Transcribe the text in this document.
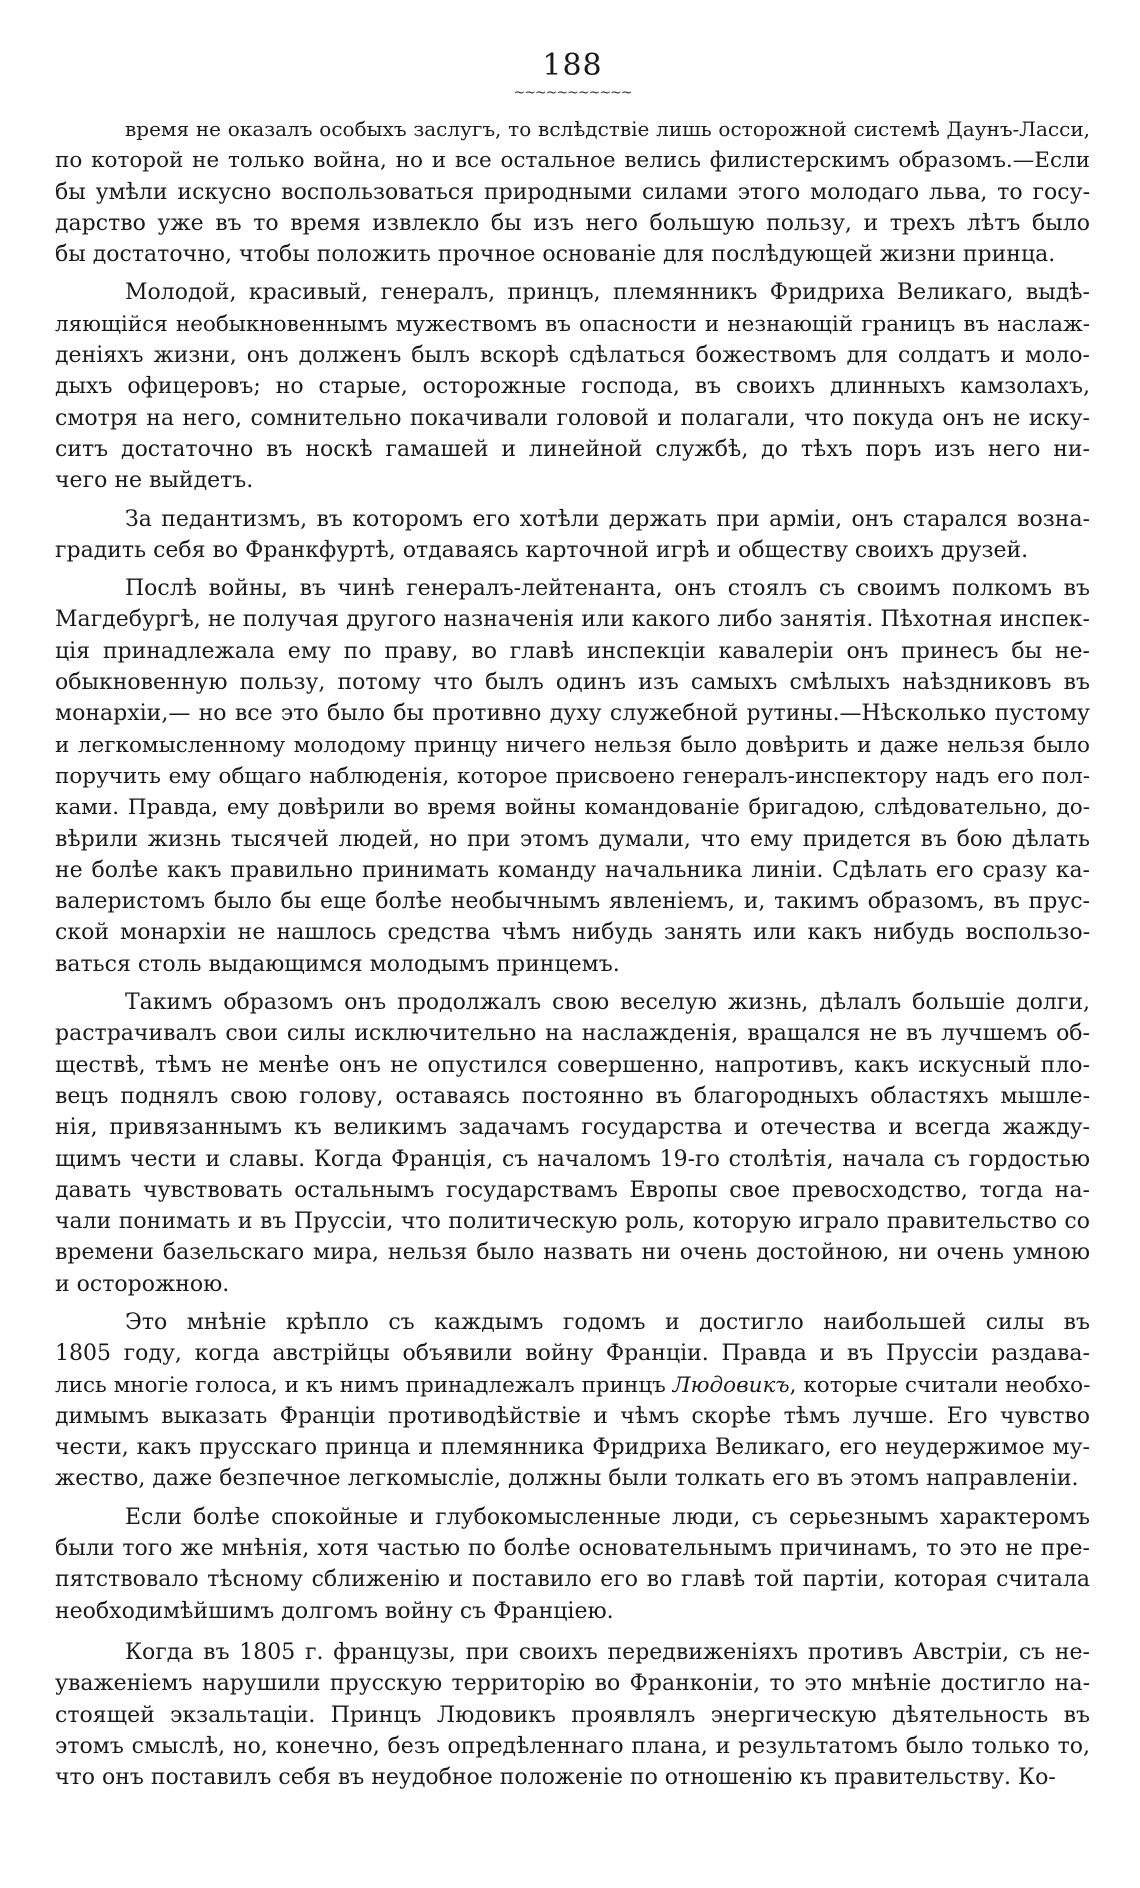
188
~~~~~~~~~~~
время не оказалъ особыхъ заслугъ, то вслѣдствіе лишь осторожной системѣ Даунъ-Ласси,
по которой не только война, но и все остальное велись филистерскимъ образомъ.—Если
бы умѣли искусно воспользоваться природными силами этого молодаго льва, то госу-
дарство уже въ то время извлекло бы изъ него большую пользу, и трехъ лѣтъ было
бы достаточно, чтобы положить прочное основаніе для послѣдующей жизни принца.
Молодой, красивый, генералъ, принцъ, племянникъ Фридриха Великаго, выдѣ-
ляющійся необыкновеннымъ мужествомъ въ опасности и незнающій границъ въ наслаж-
деніяхъ жизни, онъ долженъ былъ вскорѣ сдѣлаться божествомъ для солдатъ и моло-
дыхъ офицеровъ; но старые, осторожные господа, въ своихъ длинныхъ камзолахъ,
смотря на него, сомнительно покачивали головой и полагали, что покуда онъ не иску-
ситъ достаточно въ носкѣ гамашей и линейной службѣ, до тѣхъ поръ изъ него ни-
чего не выйдетъ.
За педантизмъ, въ которомъ его хотѣли держать при арміи, онъ старался возна-
градить себя во Франкфуртѣ, отдаваясь карточной игрѣ и обществу своихъ друзей.
Послѣ войны, въ чинѣ генералъ-лейтенанта, онъ стоялъ съ своимъ полкомъ въ
Магдебургѣ, не получая другого назначенія или какого либо занятія. Пѣхотная инспек-
ція принадлежала ему по праву, во главѣ инспекціи кавалеріи онъ принесъ бы не-
обыкновенную пользу, потому что былъ одинъ изъ самыхъ смѣлыхъ наѣздниковъ въ
монархіи,— но все это было бы противно духу служебной рутины.—Нѣсколько пустому
и легкомысленному молодому принцу ничего нельзя было довѣрить и даже нельзя было
поручить ему общаго наблюденія, которое присвоено генералъ-инспектору надъ его пол-
ками. Правда, ему довѣрили во время войны командованіе бригадою, слѣдовательно, до-
вѣрили жизнь тысячей людей, но при этомъ думали, что ему придется въ бою дѣлать
не болѣе какъ правильно принимать команду начальника линіи. Сдѣлать его сразу ка-
валеристомъ было бы еще болѣе необычнымъ явленіемъ, и, такимъ образомъ, въ прус-
ской монархіи не нашлось средства чѣмъ нибудь занять или какъ нибудь воспользо-
ваться столь выдающимся молодымъ принцемъ.
Такимъ образомъ онъ продолжалъ свою веселую жизнь, дѣлалъ большіе долги,
растрачивалъ свои силы исключительно на наслажденія, вращался не въ лучшемъ об-
ществѣ, тѣмъ не менѣе онъ не опустился совершенно, напротивъ, какъ искусный пло-
вецъ поднялъ свою голову, оставаясь постоянно въ благородныхъ областяхъ мышле-
нія, привязаннымъ къ великимъ задачамъ государства и отечества и всегда жажду-
щимъ чести и славы. Когда Франція, съ началомъ 19-го столѣтія, начала съ гордостью
давать чувствовать остальнымъ государствамъ Европы свое превосходство, тогда на-
чали понимать и въ Пруссіи, что политическую роль, которую играло правительство со
времени базельскаго мира, нельзя было назвать ни очень достойною, ни очень умною
и осторожною.
Это мнѣніе крѣпло съ каждымъ годомъ и достигло наибольшей силы въ
1805 году, когда австрійцы объявили войну Франціи. Правда и въ Пруссіи раздава-
лись многіе голоса, и къ нимъ принадлежалъ принцъ Людовикъ, которые считали необхо-
димымъ выказать Франціи противодѣйствіе и чѣмъ скорѣе тѣмъ лучше. Его чувство
чести, какъ прусскаго принца и племянника Фридриха Великаго, его неудержимое му-
жество, даже безпечное легкомысліе, должны были толкать его въ этомъ направленіи.
Если болѣе спокойные и глубокомысленные люди, съ серьезнымъ характеромъ
были того же мнѣнія, хотя частью по болѣе основательнымъ причинамъ, то это не пре-
пятствовало тѣсному сближенію и поставило его во главѣ той партіи, которая считала
необходимѣйшимъ долгомъ войну съ Франціею.
Когда въ 1805 г. французы, при своихъ передвиженіяхъ противъ Австріи, съ не-
уваженіемъ нарушили прусскую территорію во Франконіи, то это мнѣніе достигло на-
стоящей экзальтаціи. Принцъ Людовикъ проявлялъ энергическую дѣятельность въ
этомъ смыслѣ, но, конечно, безъ опредѣленнаго плана, и результатомъ было только то,
что онъ поставилъ себя въ неудобное положеніе по отношенію къ правительству. Ко-
